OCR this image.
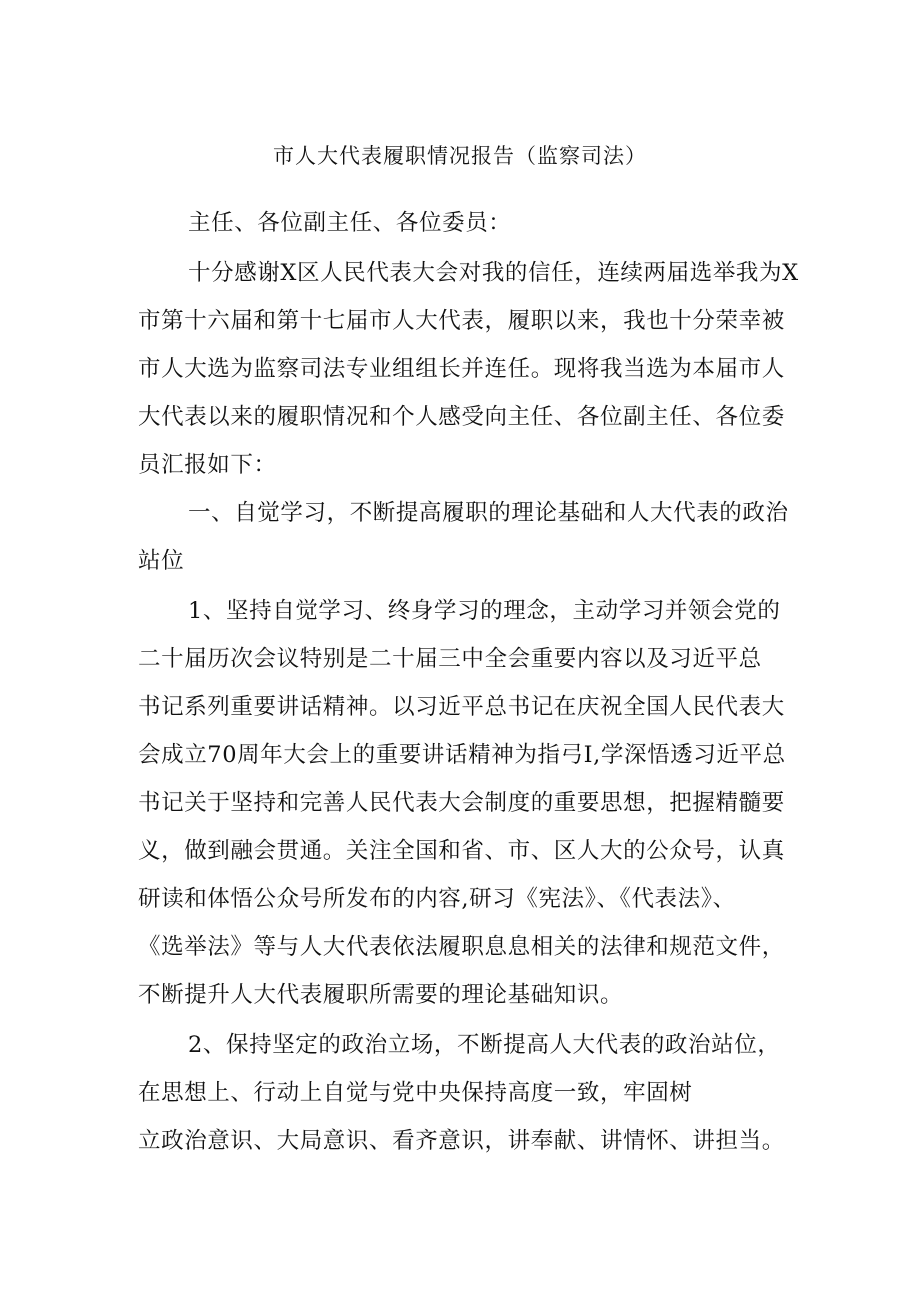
市人大代表履职情况报告（监察司法）
主任、各位副主任、各位委员：
十分感谢X区人民代表大会对我的信任，连续两届选举我为X
市第十六届和第十七届市人大代表，履职以来，我也十分荣幸被
市人大选为监察司法专业组组长并连任。现将我当选为本届市人
大代表以来的履职情况和个人感受向主任、各位副主任、各位委
员汇报如下：
一、自觉学习，不断提高履职的理论基础和人大代表的政治
站位
1、坚持自觉学习、终身学习的理念，主动学习并领会党的
二十届历次会议特别是二十届三中全会重要内容以及习近平总
书记系列重要讲话精神。以习近平总书记在庆祝全国人民代表大
会成立70周年大会上的重要讲话精神为指弓I,学深悟透习近平总
书记关于坚持和完善人民代表大会制度的重要思想，把握精髓要
义，做到融会贯通。关注全国和省、市、区人大的公众号，认真
研读和体悟公众号所发布的内容,研习《宪法》、《代表法》、
《选举法》等与人大代表依法履职息息相关的法律和规范文件，
不断提升人大代表履职所需要的理论基础知识。
2、保持坚定的政治立场，不断提高人大代表的政治站位，
在思想上、行动上自觉与党中央保持高度一致，牢固树
立政治意识、大局意识、看齐意识，讲奉献、讲情怀、讲担当。
